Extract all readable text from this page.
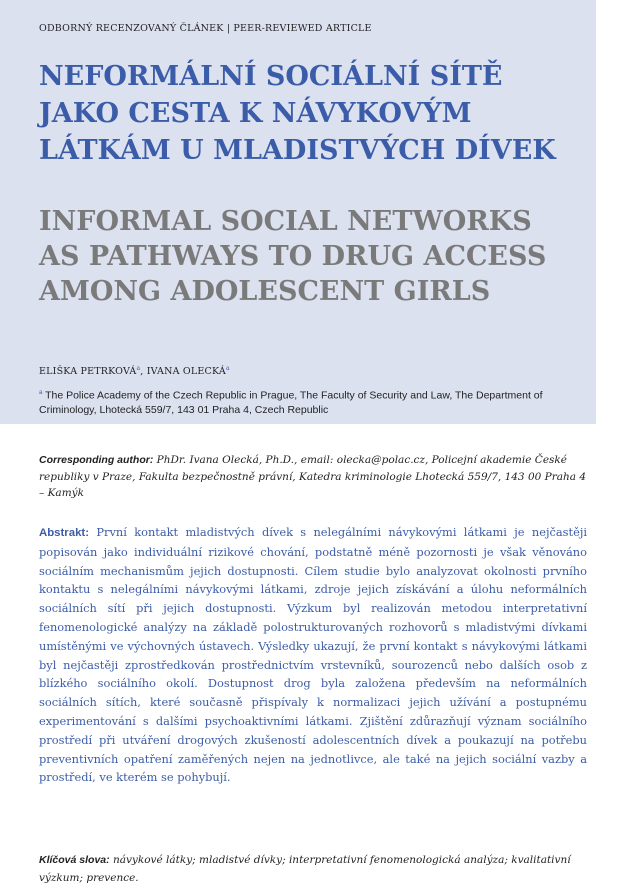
ODBORNÝ RECENZOVANÝ ČLÁNEK | PEER-REVIEWED ARTICLE
NEFORMÁLNÍ SOCIÁLNÍ SÍTĚ JAKO CESTA K NÁVYKOVÝM LÁTKÁM U MLADISTVÝCH DÍVEK
INFORMAL SOCIAL NETWORKS AS PATHWAYS TO DRUG ACCESS AMONG ADOLESCENT GIRLS
ELIŠKA PETRKOVÁ$^a$, IVANA OLECKÁ$^a$
$^a$ The Police Academy of the Czech Republic in Prague, The Faculty of Security and Law, The Department of Criminology, Lhotecká 559/7, 143 01 Praha 4, Czech Republic
Corresponding author: PhDr. Ivana Olecká, Ph.D., email: olecka@polac.cz, Policejní akademie České republiky v Praze, Fakulta bezpečnostně právní, Katedra kriminologie Lhotecká 559/7, 143 00 Praha 4 – Kamýk
Abstrakt: První kontakt mladistvých dívek s nelegálními návykovými látkami je nejčastěji popisován jako individuální rizikové chování, podstatně méně pozornosti je však věnováno sociálním mechanismům jejich dostupnosti. Cílem studie bylo analyzovat okolnosti prvního kontaktu s nelegálními návykovými látkami, zdroje jejich získávání a úlohu neformálních sociálních sítí při jejich dostupnosti. Výzkum byl realizován metodou interpretativní fenomenologické analýzy na základě polostrukturovaných rozhovorů s mladistvými dívkami umístěnými ve výchovných ústavech. Výsledky ukazují, že první kontakt s návykovými látkami byl nejčastěji zprostředkován prostřednictvím vrstevníků, sourozenců nebo dalších osob z blízkého sociálního okolí. Dostupnost drog byla založena především na neformálních sociálních sítích, které současně přispívaly k normalizaci jejich užívání a postupnému experimentování s dalšími psychoaktivními látkami. Zjištění zdůrazňují význam sociálního prostředí při utváření drogových zkušeností adolescentních dívek a poukazují na potřebu preventivních opatření zaměřených nejen na jednotlivce, ale také na jejich sociální vazby a prostředí, ve kterém se pohybují.
Klíčová slova: návykové látky; mladistvé dívky; interpretativní fenomenologická analýza; kvalitativní výzkum; prevence.
